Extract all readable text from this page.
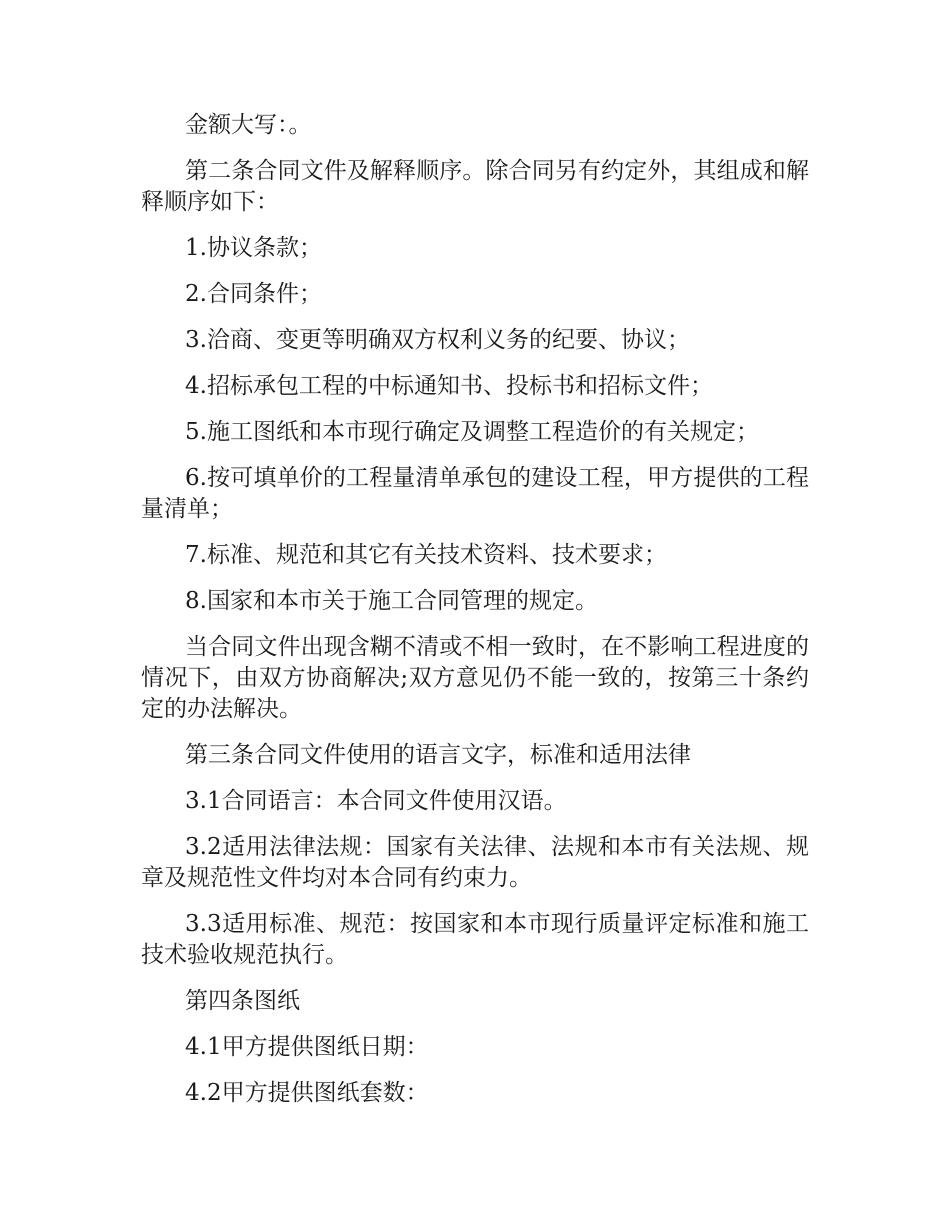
金额大写：。

第二条合同文件及解释顺序。除合同另有约定外，其组成和解释顺序如下：

1.协议条款；

2.合同条件；

3.洽商、变更等明确双方权利义务的纪要、协议；

4.招标承包工程的中标通知书、投标书和招标文件；

5.施工图纸和本市现行确定及调整工程造价的有关规定；

6.按可填单价的工程量清单承包的建设工程，甲方提供的工程量清单；

7.标准、规范和其它有关技术资料、技术要求；

8.国家和本市关于施工合同管理的规定。

当合同文件出现含糊不清或不相一致时，在不影响工程进度的情况下，由双方协商解决;双方意见仍不能一致的，按第三十条约定的办法解决。

第三条合同文件使用的语言文字，标准和适用法律

3.1合同语言：本合同文件使用汉语。

3.2适用法律法规：国家有关法律、法规和本市有关法规、规章及规范性文件均对本合同有约束力。

3.3适用标准、规范：按国家和本市现行质量评定标准和施工技术验收规范执行。

第四条图纸

4.1甲方提供图纸日期：

4.2甲方提供图纸套数：
